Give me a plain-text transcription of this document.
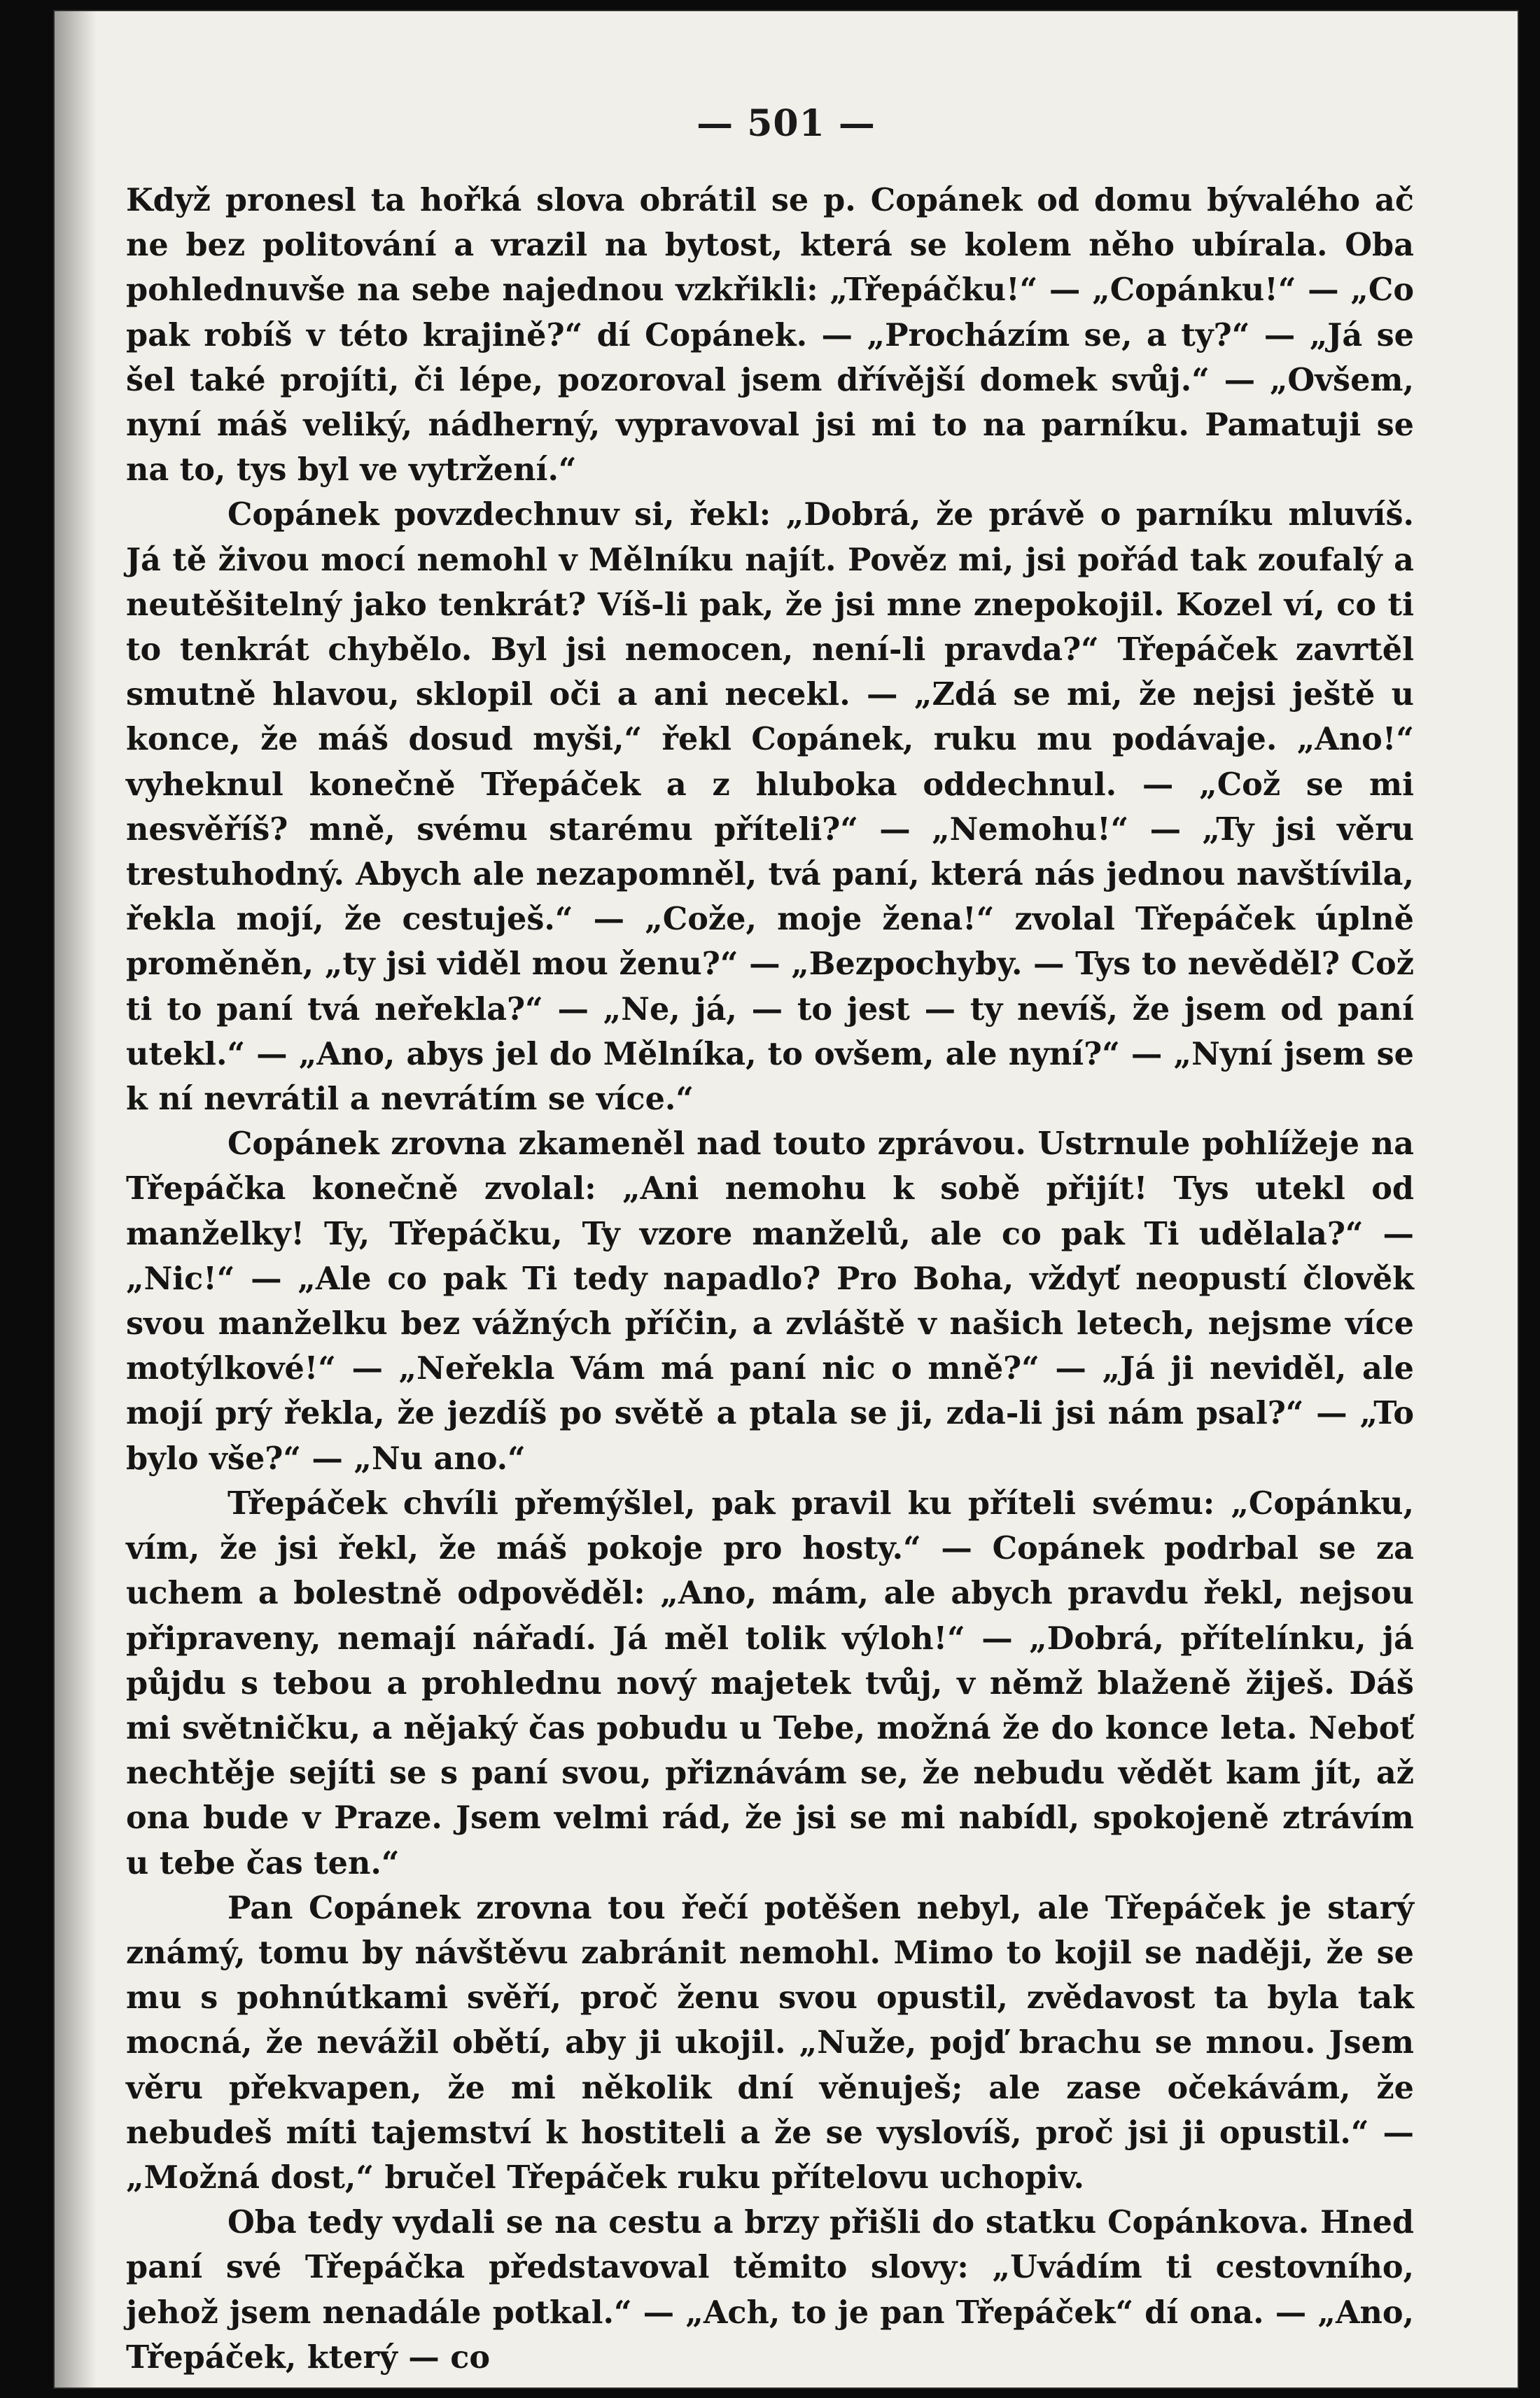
— 501 —

Když pronesl ta hořká slova obrátil se p. Copánek od domu bývalého ač ne bez politování a vrazil na bytost, která se kolem něho ubírala. Oba pohlednuvše na sebe najednou vzkřikli: „Třepáčku!“ — „Copánku!“ — „Co pak robíš v této krajině?“ dí Copánek. — „Procházím se, a ty?“ — „Já se šel také projíti, či lépe, pozoroval jsem dřívější domek svůj.“ — „Ovšem, nyní máš veliký, nádherný, vypravoval jsi mi to na parníku. Pamatuji se na to, tys byl ve vytržení.“

Copánek povzdechnuv si, řekl: „Dobrá, že právě o parníku mluvíš. Já tě živou mocí nemohl v Mělníku najít. Pověz mi, jsi pořád tak zoufalý a neutěšitelný jako tenkrát? Víš-li pak, že jsi mne znepokojil. Kozel ví, co ti to tenkrát chybělo. Byl jsi nemocen, není-li pravda?“ Třepáček zavrtěl smutně hlavou, sklopil oči a ani necekl. — „Zdá se mi, že nejsi ještě u konce, že máš dosud myši,“ řekl Copánek, ruku mu podávaje. „Ano!“ vyheknul konečně Třepáček a z hluboka oddechnul. — „Což se mi nesvěříš? mně, svému starému příteli?“ — „Nemohu!“ — „Ty jsi věru trestuhodný. Abych ale nezapomněl, tvá paní, která nás jednou navštívila, řekla mojí, že cestuješ.“ — „Cože, moje žena!“ zvolal Třepáček úplně proměněn, „ty jsi viděl mou ženu?“ — „Bezpochyby. — Tys to nevěděl? Což ti to paní tvá neřekla?“ — „Ne, já, — to jest — ty nevíš, že jsem od paní utekl.“ — „Ano, abys jel do Mělníka, to ovšem, ale nyní?“ — „Nyní jsem se k ní nevrátil a nevrátím se více.“

Copánek zrovna zkameněl nad touto zprávou. Ustrnule pohlížeje na Třepáčka konečně zvolal: „Ani nemohu k sobě přijít! Tys utekl od manželky! Ty, Třepáčku, Ty vzore manželů, ale co pak Ti udělala?“ — „Nic!“ — „Ale co pak Ti tedy napadlo? Pro Boha, vždyť neopustí člověk svou manželku bez vážných příčin, a zvláště v našich letech, nejsme více motýlkové!“ — „Neřekla Vám má paní nic o mně?“ — „Já ji neviděl, ale mojí prý řekla, že jezdíš po světě a ptala se ji, zda-li jsi nám psal?“ — „To bylo vše?“ — „Nu ano.“

Třepáček chvíli přemýšlel, pak pravil ku příteli svému: „Copánku, vím, že jsi řekl, že máš pokoje pro hosty.“ — Copánek podrbal se za uchem a bolestně odpověděl: „Ano, mám, ale abych pravdu řekl, nejsou připraveny, nemají nářadí. Já měl tolik výloh!“ — „Dobrá, přítelínku, já půjdu s tebou a prohlednu nový majetek tvůj, v němž blaženě žiješ. Dáš mi světničku, a nějaký čas pobudu u Tebe, možná že do konce leta. Neboť nechtěje sejíti se s paní svou, přiznávám se, že nebudu vědět kam jít, až ona bude v Praze. Jsem velmi rád, že jsi se mi nabídl, spokojeně ztrávím u tebe čas ten.“

Pan Copánek zrovna tou řečí potěšen nebyl, ale Třepáček je starý známý, tomu by návštěvu zabránit nemohl. Mimo to kojil se naději, že se mu s pohnútkami svěří, proč ženu svou opustil, zvědavost ta byla tak mocná, že nevážil obětí, aby ji ukojil. „Nuže, pojď brachu se mnou. Jsem věru překvapen, že mi několik dní věnuješ; ale zase očekávám, že nebudeš míti tajemství k hostiteli a že se vyslovíš, proč jsi ji opustil.“ — „Možná dost,“ bručel Třepáček ruku přítelovu uchopiv.

Oba tedy vydali se na cestu a brzy přišli do statku Copánkova. Hned paní své Třepáčka představoval těmito slovy: „Uvádím ti cestovního, jehož jsem nenadále potkal.“ — „Ach, to je pan Třepáček“ dí ona. — „Ano, Třepáček, který — co
